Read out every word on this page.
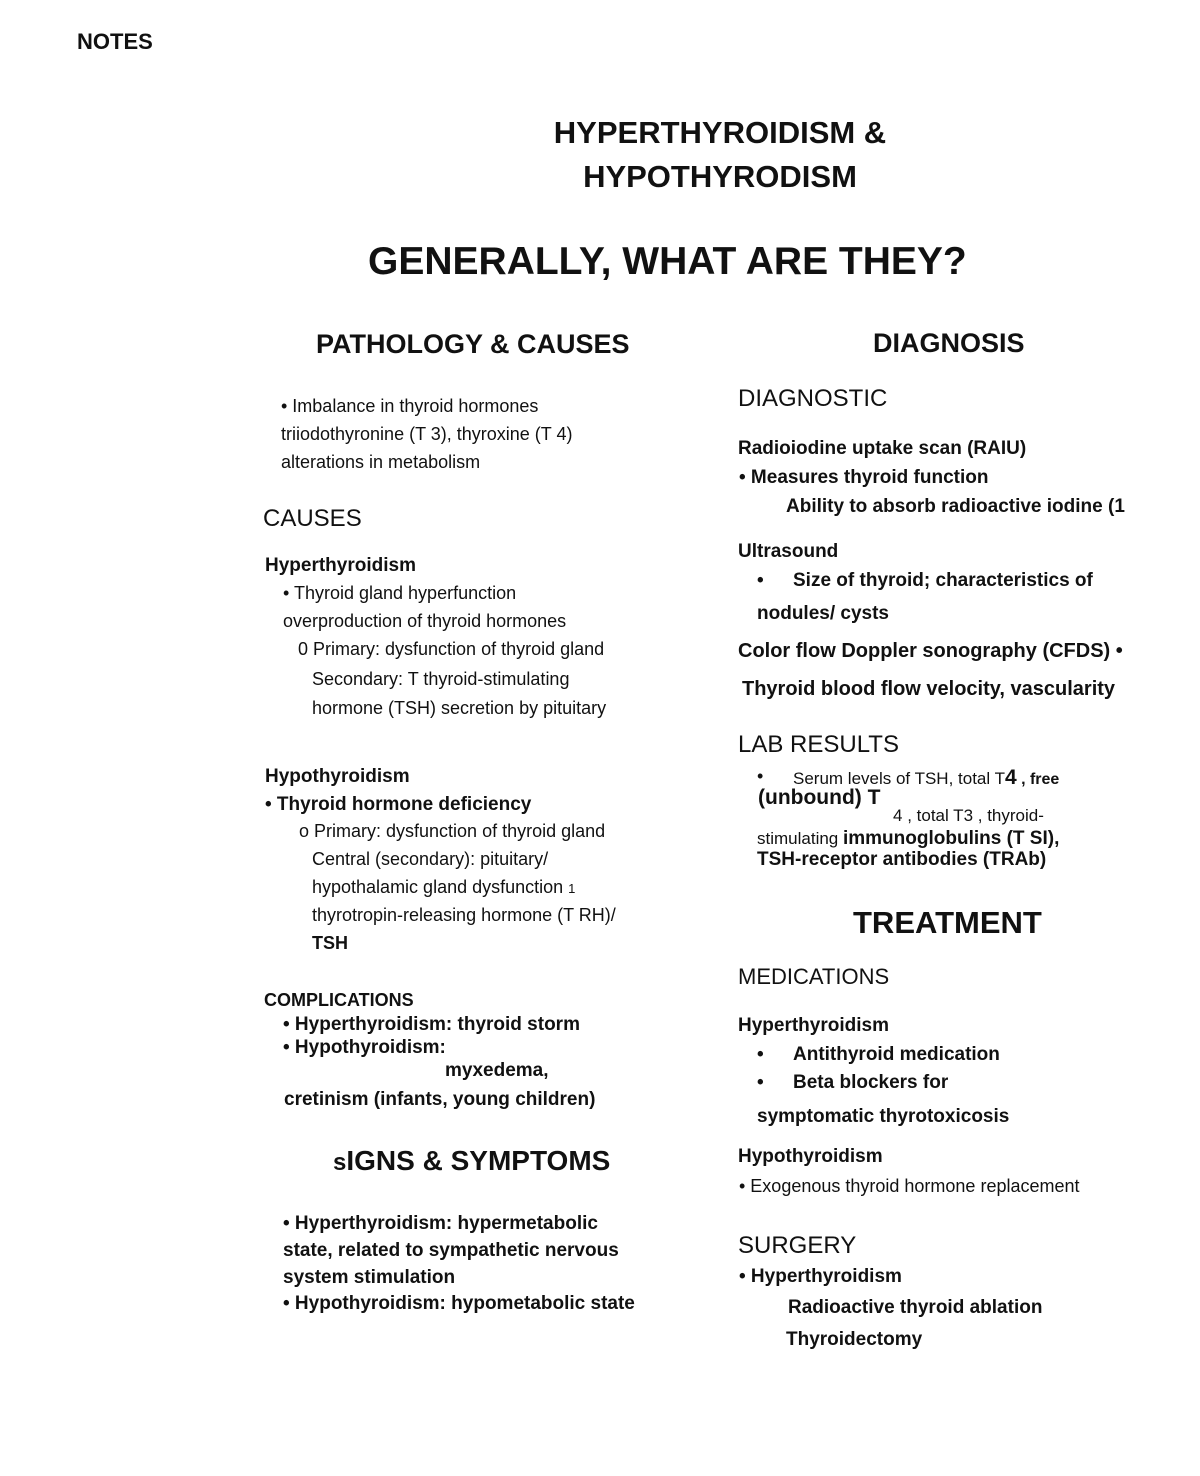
NOTES
HYPERTHYROIDISM &
HYPOTHYRODISM
GENERALLY, WHAT ARE THEY?
PATHOLOGY & CAUSES
• Imbalance in thyroid hormones
triiodothyronine (T 3), thyroxine (T 4)
alterations in metabolism
CAUSES
Hyperthyroidism
• Thyroid gland hyperfunction
overproduction of thyroid hormones
0 Primary: dysfunction of thyroid gland
Secondary: T thyroid-stimulating
hormone (TSH) secretion by pituitary
Hypothyroidism
• Thyroid hormone deficiency
o Primary: dysfunction of thyroid gland
Central (secondary): pituitary/
hypothalamic gland dysfunction 1
thyrotropin-releasing hormone (T RH)/
TSH
COMPLICATIONS
• Hyperthyroidism: thyroid storm
• Hypothyroidism:
myxedema,
cretinism (infants, young children)
sIGNS & SYMPTOMS
• Hyperthyroidism: hypermetabolic
state, related to sympathetic nervous
system stimulation
• Hypothyroidism: hypometabolic state
DIAGNOSIS
DIAGNOSTIC
Radioiodine uptake scan (RAIU)
• Measures thyroid function
Ability to absorb radioactive iodine (1
Ultrasound
• Size of thyroid; characteristics of
nodules/ cysts
Color flow Doppler sonography (CFDS) •
Thyroid blood flow velocity, vascularity
LAB RESULTS
• Serum levels of TSH, total T4 , free
(unbound) T
4 , total T3 , thyroid-
stimulating immunoglobulins (T SI),
TSH-receptor antibodies (TRAb)
TREATMENT
MEDICATIONS
Hyperthyroidism
• Antithyroid medication
• Beta blockers for
symptomatic thyrotoxicosis
Hypothyroidism
• Exogenous thyroid hormone replacement
SURGERY
• Hyperthyroidism
Radioactive thyroid ablation
Thyroidectomy
